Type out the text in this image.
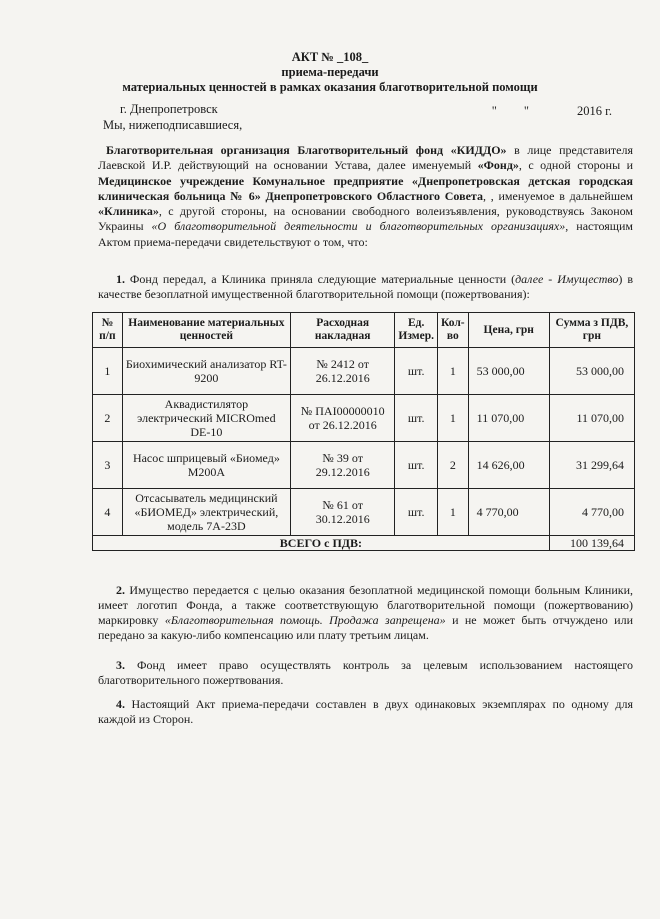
АКТ № _108_
приема-передачи
материальных ценностей в рамках оказания благотворительной помощи
г. Днепропетровск	" "	2016 г.
Мы, нижеподписавшиеся,
Благотворительная организация Благотворительный фонд «КИДДО» в лице представителя Лаевской И.Р. действующий на основании Устава, далее именуемый «Фонд», с одной стороны и Медицинское учреждение Комунальное предприятие «Днепропетровская детская городская клиническая больница № 6» Днепропетровского Областного Совета, , именуемое в дальнейшем «Клиника», с другой стороны, на основании свободного волеизъявления, руководствуясь Законом Украины «О благотворительной деятельности и благотворительных организациях», настоящим Актом приема-передачи свидетельствуют о том, что:
1. Фонд передал, а Клиника приняла следующие материальные ценности (далее - Имущество) в качестве безоплатной имущественной благотворительной помощи (пожертвования):
№ п/п	Наименование материальных ценностей	Расходная накладная	Ед. Измер.	Кол-во	Цена, грн	Сумма з ПДВ, грн
1	Биохимический анализатор RT-9200	№ 2412 от 26.12.2016	шт.	1	53 000,00	53 000,00
2	Аквадистилятор электрический MICROmed DE-10	№ ПАІ00000010 от 26.12.2016	шт.	1	11 070,00	11 070,00
3	Насос шприцевый «Биомед» M200A	№ 39 от 29.12.2016	шт.	2	14 626,00	31 299,64
4	Отсасыватель медицинский «БИОМЕД» электрический, модель 7A-23D	№ 61 от 30.12.2016	шт.	1	4 770,00	4 770,00
ВСЕГО с ПДВ:						100 139,64
2. Имущество передается с целью оказания безоплатной медицинской помощи больным Клиники, имеет логотип Фонда, а также соответствующую благотворительной помощи (пожертвованию) маркировку «Благотворительная помощь. Продажа запрещена» и не может быть отчуждено или передано за какую-либо компенсацию или плату третьим лицам.
3. Фонд имеет право осуществлять контроль за целевым использованием настоящего благотворительного пожертвования.
4. Настоящий Акт приема-передачи составлен в двух одинаковых экземплярах по одному для каждой из Сторон.
